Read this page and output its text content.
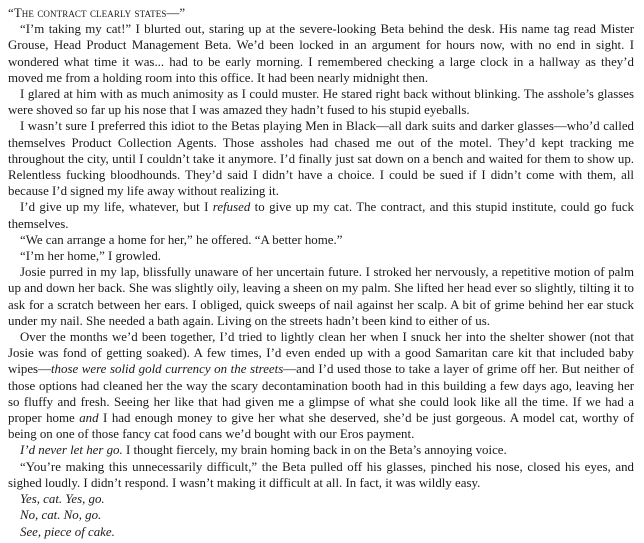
“The contract clearly states—”

“I’m taking my cat!” I blurted out, staring up at the severe-looking Beta behind the desk. His name tag read Mister Grouse, Head Product Management Beta. We’d been locked in an argument for hours now, with no end in sight. I wondered what time it was... had to be early morning. I remembered checking a large clock in a hallway as they’d moved me from a holding room into this office. It had been nearly midnight then.

I glared at him with as much animosity as I could muster. He stared right back without blinking. The asshole’s glasses were shoved so far up his nose that I was amazed they hadn’t fused to his stupid eyeballs.

I wasn’t sure I preferred this idiot to the Betas playing Men in Black—all dark suits and darker glasses—who’d called themselves Product Collection Agents. Those assholes had chased me out of the motel. They’d kept tracking me throughout the city, until I couldn’t take it anymore. I’d finally just sat down on a bench and waited for them to show up. Relentless fucking bloodhounds. They’d said I didn’t have a choice. I could be sued if I didn’t come with them, all because I’d signed my life away without realizing it.

I’d give up my life, whatever, but I refused to give up my cat. The contract, and this stupid institute, could go fuck themselves.

“We can arrange a home for her,” he offered. “A better home.”

“I’m her home,” I growled.

Josie purred in my lap, blissfully unaware of her uncertain future. I stroked her nervously, a repetitive motion of palm up and down her back. She was slightly oily, leaving a sheen on my palm. She lifted her head ever so slightly, tilting it to ask for a scratch between her ears. I obliged, quick sweeps of nail against her scalp. A bit of grime behind her ear stuck under my nail. She needed a bath again. Living on the streets hadn’t been kind to either of us.

Over the months we’d been together, I’d tried to lightly clean her when I snuck her into the shelter shower (not that Josie was fond of getting soaked). A few times, I’d even ended up with a good Samaritan care kit that included baby wipes—those were solid gold currency on the streets—and I’d used those to take a layer of grime off her. But neither of those options had cleaned her the way the scary decontamination booth had in this building a few days ago, leaving her so fluffy and fresh. Seeing her like that had given me a glimpse of what she could look like all the time. If we had a proper home and I had enough money to give her what she deserved, she’d be just gorgeous. A model cat, worthy of being on one of those fancy cat food cans we’d bought with our Eros payment.

I’d never let her go. I thought fiercely, my brain homing back in on the Beta’s annoying voice.

“You’re making this unnecessarily difficult,” the Beta pulled off his glasses, pinched his nose, closed his eyes, and sighed loudly. I didn’t respond. I wasn’t making it difficult at all. In fact, it was wildly easy.

Yes, cat. Yes, go.

No, cat. No, go.

See, piece of cake.
